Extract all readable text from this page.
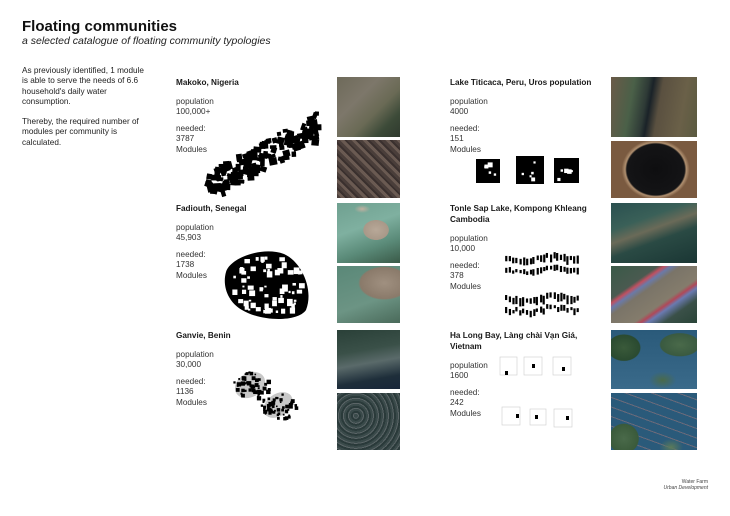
Floating communities
a selected catalogue of floating community typologies

As previously identified, 1 module is able to serve the needs of 6.6 household's daily water consumption.

Thereby, the required number of modules per community is calculated.

Makoko, Nigeria
population
100,000+
needed:
3787
Modules
Fadiouth, Senegal
population
45,903
needed:
1738
Modules
Ganvie, Benin
population
30,000
needed:
1136
Modules
Lake Titicaca, Peru, Uros population
population
4000
needed:
151
Modules
Tonle Sap Lake, Kompong Khleang Cambodia
population
10,000
needed:
378
Modules
Ha Long Bay, Làng chài Vạn Giá, Vietnam
population
1600
needed:
242
Modules
Water Farm
Urban Development
